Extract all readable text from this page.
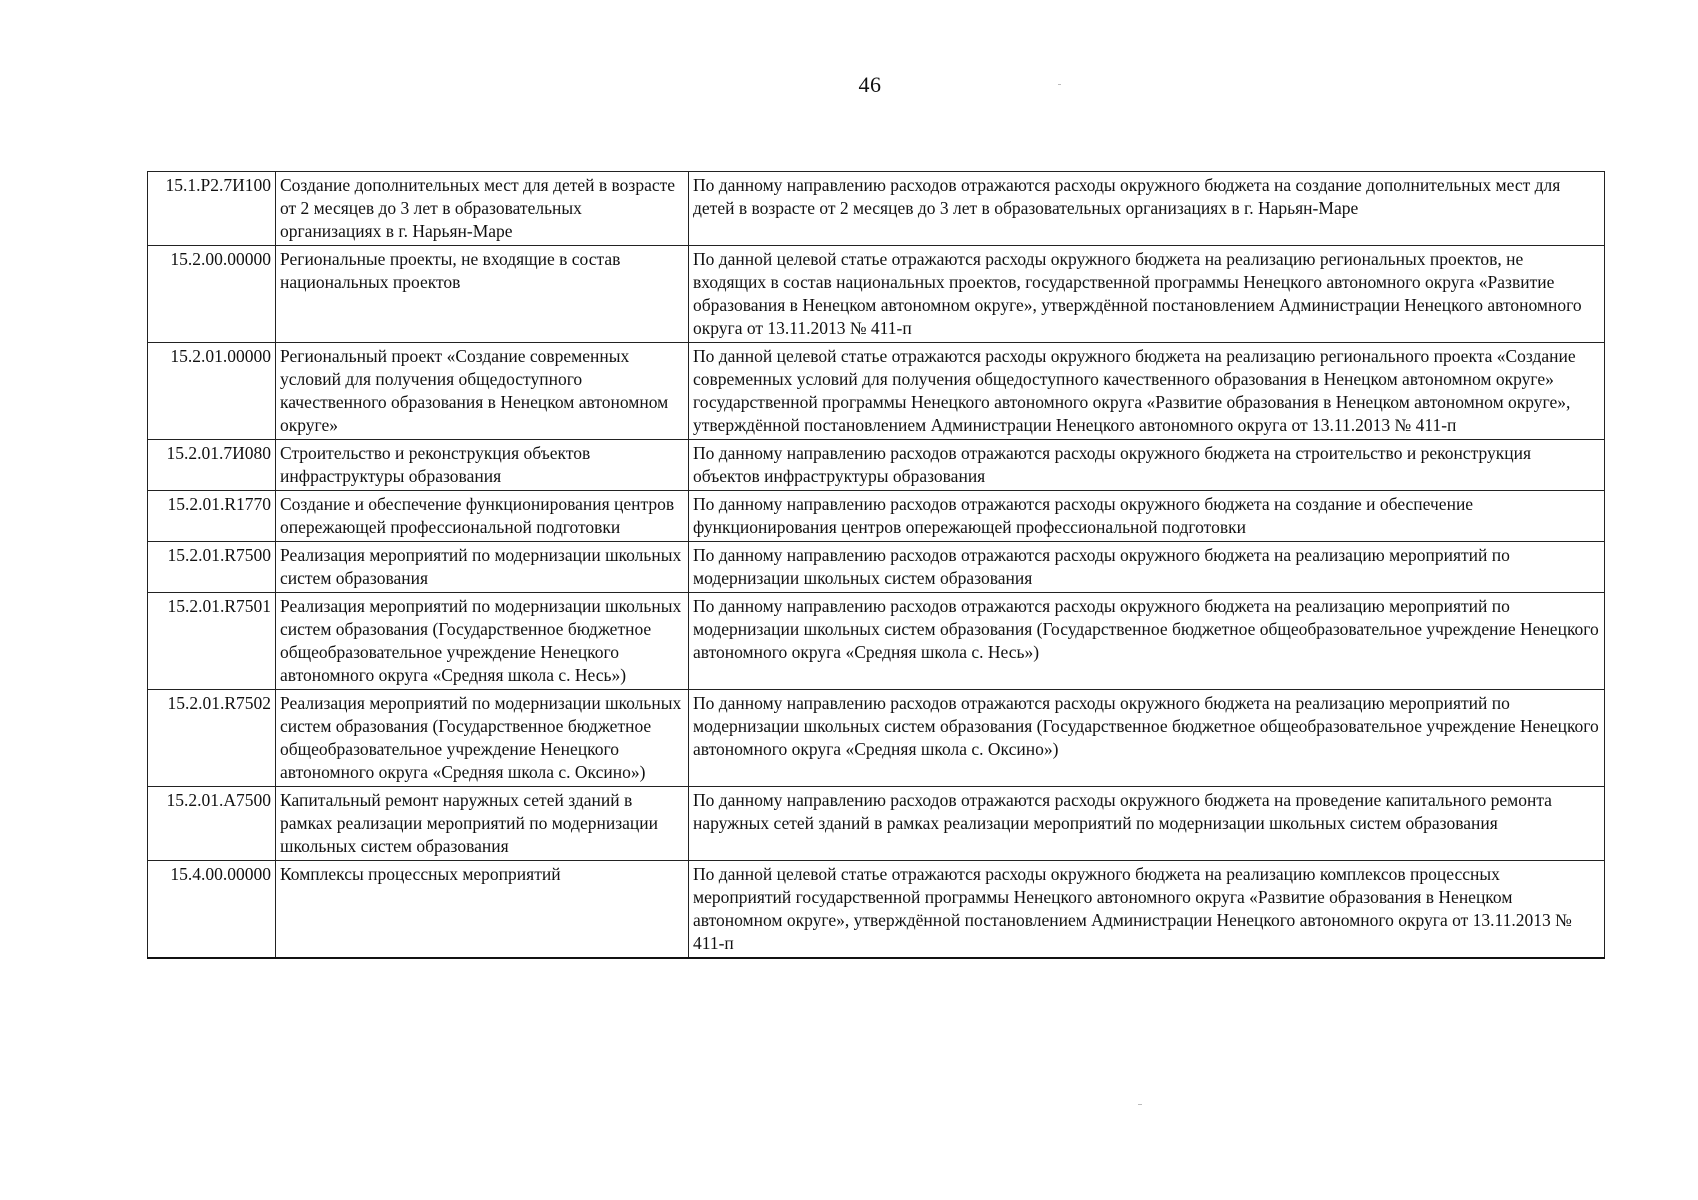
46
15.1.P2.7И100	Создание дополнительных мест для детей в возрасте от 2 месяцев до 3 лет в образовательных организациях в г. Нарьян-Маре	По данному направлению расходов отражаются расходы окружного бюджета на создание дополнительных мест для детей в возрасте от 2 месяцев до 3 лет в образовательных организациях в г. Нарьян-Маре
15.2.00.00000	Региональные проекты, не входящие в состав национальных проектов	По данной целевой статье отражаются расходы окружного бюджета на реализацию региональных проектов, не входящих в состав национальных проектов, государственной программы Ненецкого автономного округа «Развитие образования в Ненецком автономном округе», утверждённой постановлением Администрации Ненецкого автономного округа от 13.11.2013 № 411-п
15.2.01.00000	Региональный проект «Создание современных условий для получения общедоступного качественного образования в Ненецком автономном округе»	По данной целевой статье отражаются расходы окружного бюджета на реализацию регионального проекта «Создание современных условий для получения общедоступного качественного образования в Ненецком автономном округе» государственной программы Ненецкого автономного округа «Развитие образования в Ненецком автономном округе», утверждённой постановлением Администрации Ненецкого автономного округа от 13.11.2013 № 411-п
15.2.01.7И080	Строительство и реконструкция объектов инфраструктуры образования	По данному направлению расходов отражаются расходы окружного бюджета на строительство и реконструкция объектов инфраструктуры образования
15.2.01.R1770	Создание и обеспечение функционирования центров опережающей профессиональной подготовки	По данному направлению расходов отражаются расходы окружного бюджета на создание и обеспечение функционирования центров опережающей профессиональной подготовки
15.2.01.R7500	Реализация мероприятий по модернизации школьных систем образования	По данному направлению расходов отражаются расходы окружного бюджета на реализацию мероприятий по модернизации школьных систем образования
15.2.01.R7501	Реализация мероприятий по модернизации школьных систем образования (Государственное бюджетное общеобразовательное учреждение Ненецкого автономного округа «Средняя школа с. Несь»)	По данному направлению расходов отражаются расходы окружного бюджета на реализацию мероприятий по модернизации школьных систем образования (Государственное бюджетное общеобразовательное учреждение Ненецкого автономного округа «Средняя школа с. Несь»)
15.2.01.R7502	Реализация мероприятий по модернизации школьных систем образования (Государственное бюджетное общеобразовательное учреждение Ненецкого автономного округа «Средняя школа с. Оксино»)	По данному направлению расходов отражаются расходы окружного бюджета на реализацию мероприятий по модернизации школьных систем образования (Государственное бюджетное общеобразовательное учреждение Ненецкого автономного округа «Средняя школа с. Оксино»)
15.2.01.A7500	Капитальный ремонт наружных сетей зданий в рамках реализации мероприятий по модернизации школьных систем образования	По данному направлению расходов отражаются расходы окружного бюджета на проведение капитального ремонта наружных сетей зданий в рамках реализации мероприятий по модернизации школьных систем образования
15.4.00.00000	Комплексы процессных мероприятий	По данной целевой статье отражаются расходы окружного бюджета на реализацию комплексов процессных мероприятий государственной программы Ненецкого автономного округа «Развитие образования в Ненецком автономном округе», утверждённой постановлением Администрации Ненецкого автономного округа от 13.11.2013 № 411-п
